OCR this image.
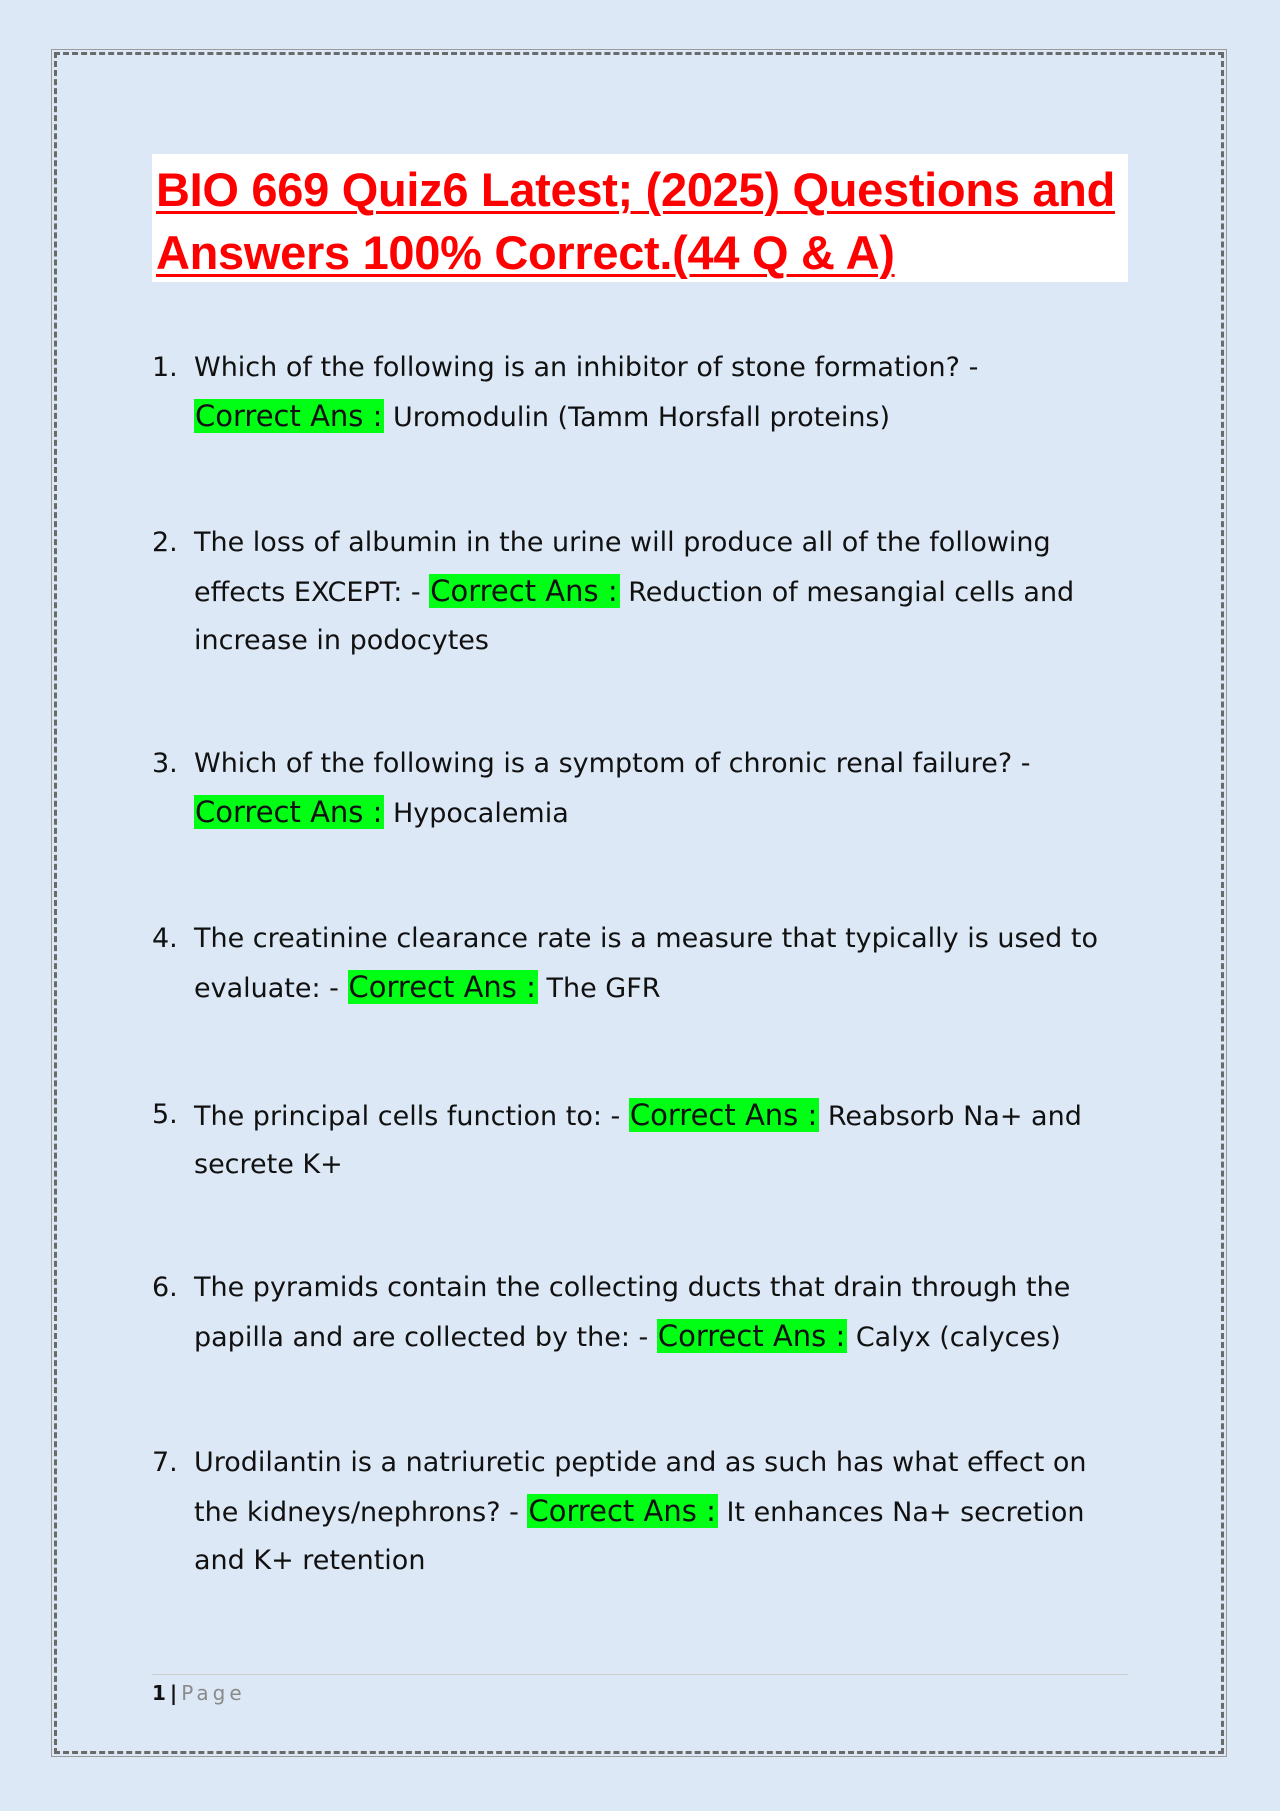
BIO 669 Quiz6 Latest; (2025) Questions and Answers 100% Correct.(44 Q & A)
1. Which of the following is an inhibitor of stone formation? -
Correct Ans : Uromodulin (Tamm Horsfall proteins)
2. The loss of albumin in the urine will produce all of the following effects EXCEPT: - Correct Ans : Reduction of mesangial cells and increase in podocytes
3. Which of the following is a symptom of chronic renal failure? -
Correct Ans : Hypocalemia
4. The creatinine clearance rate is a measure that typically is used to evaluate: - Correct Ans : The GFR
5. The principal cells function to: - Correct Ans : Reabsorb Na+ and secrete K+
6. The pyramids contain the collecting ducts that drain through the papilla and are collected by the: - Correct Ans : Calyx (calyces)
7. Urodilantin is a natriuretic peptide and as such has what effect on the kidneys/nephrons? - Correct Ans : It enhances Na+ secretion and K+ retention
1 | Page
